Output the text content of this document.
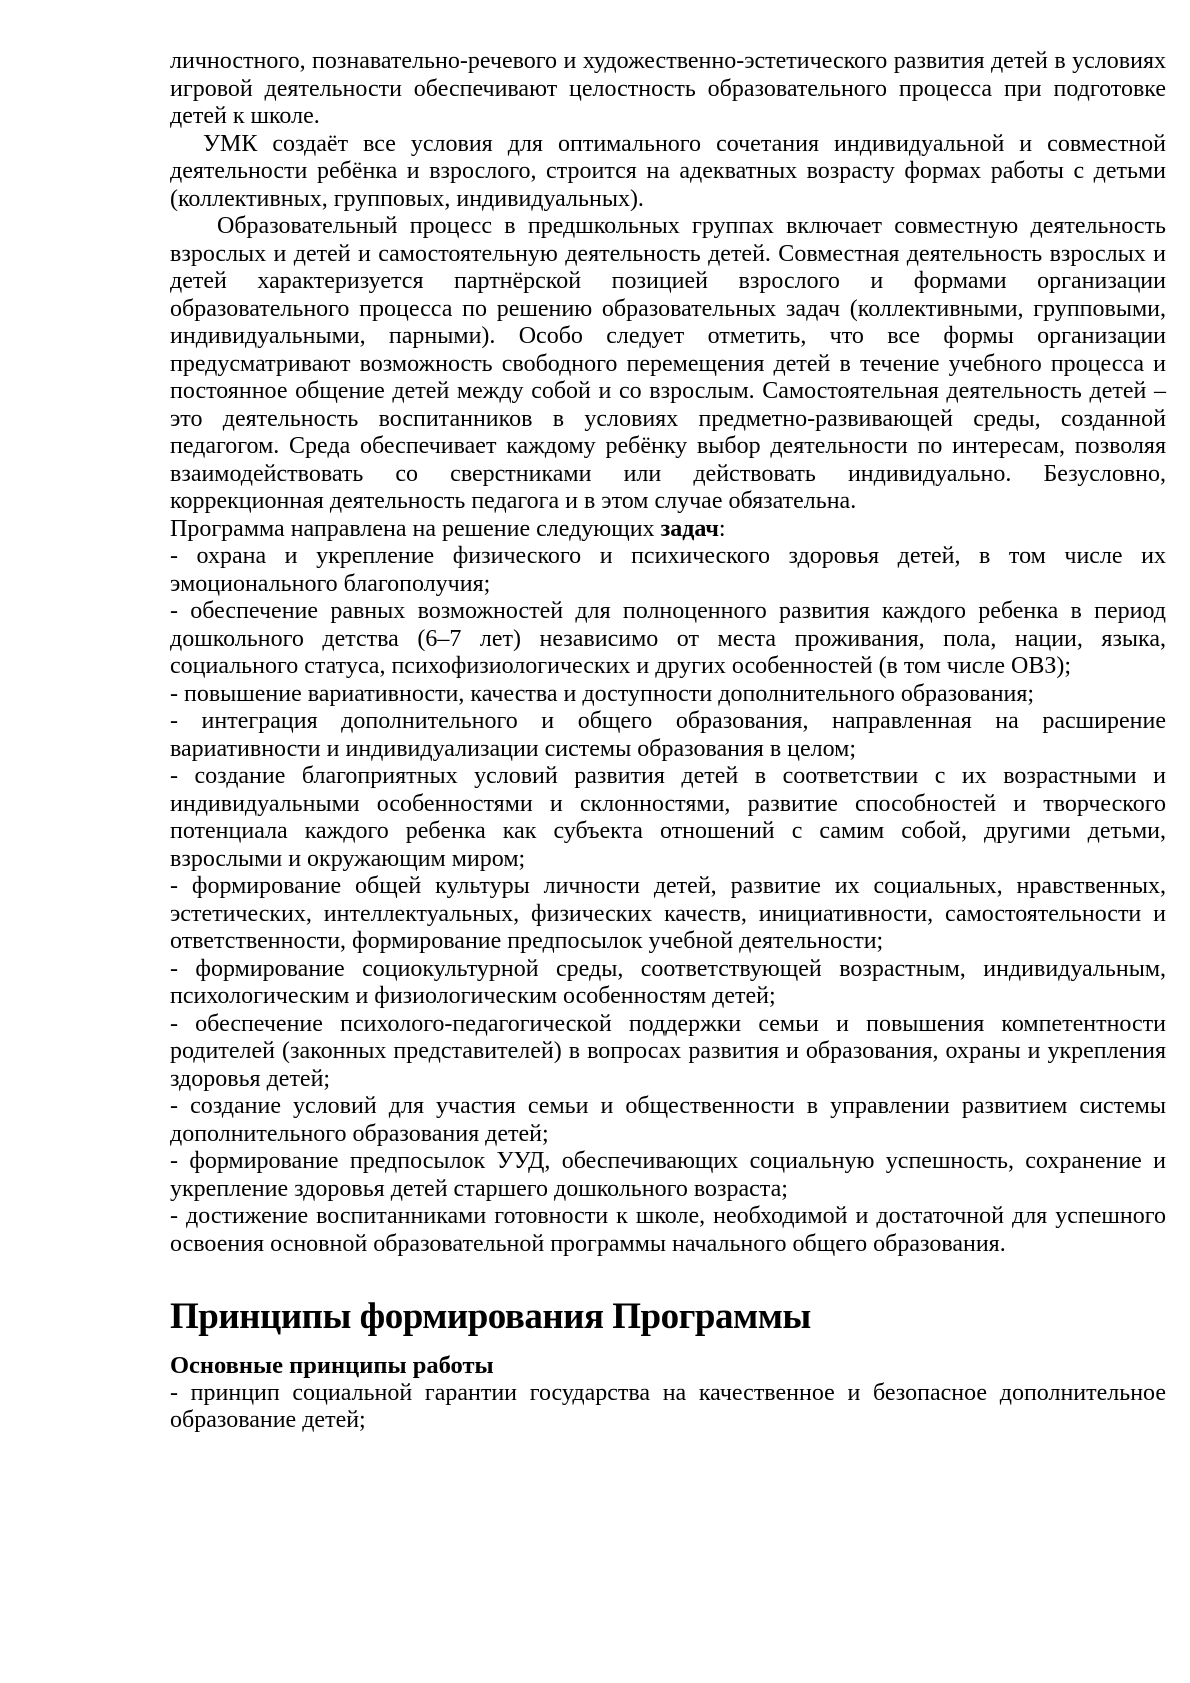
личностного, познавательно-речевого и художественно-эстетического развития детей в условиях игровой деятельности обеспечивают целостность образовательного процесса при подготовке детей к школе.

УМК создаёт все условия для оптимального сочетания индивидуальной и совместной деятельности ребёнка и взрослого, строится на адекватных возрасту формах работы с детьми (коллективных, групповых, индивидуальных).

Образовательный процесс в предшкольных группах включает совместную деятельность взрослых и детей и самостоятельную деятельность детей. Совместная деятельность взрослых и детей характеризуется партнёрской позицией взрослого и формами организации образовательного процесса по решению образовательных задач (коллективными, групповыми, индивидуальными, парными). Особо следует отметить, что все формы организации предусматривают возможность свободного перемещения детей в течение учебного процесса и постоянное общение детей между собой и со взрослым. Самостоятельная деятельность детей – это деятельность воспитанников в условиях предметно-развивающей среды, созданной педагогом. Среда обеспечивает каждому ребёнку выбор деятельности по интересам, позволяя взаимодействовать со сверстниками или действовать индивидуально. Безусловно, коррекционная деятельность педагога и в этом случае обязательна.

Программа направлена на решение следующих задач:

- охрана и укрепление физического и психического здоровья детей, в том числе их эмоционального благополучия;

- обеспечение равных возможностей для полноценного развития каждого ребенка в период дошкольного детства (6–7 лет) независимо от места проживания, пола, нации, языка, социального статуса, психофизиологических и других особенностей (в том числе ОВЗ);

- повышение вариативности, качества и доступности дополнительного образования;

- интеграция дополнительного и общего образования, направленная на расширение вариативности и индивидуализации системы образования в целом;

- создание благоприятных условий развития детей в соответствии с их возрастными и индивидуальными особенностями и склонностями, развитие способностей и творческого потенциала каждого ребенка как субъекта отношений с самим собой, другими детьми, взрослыми и окружающим миром;

- формирование общей культуры личности детей, развитие их социальных, нравственных, эстетических, интеллектуальных, физических качеств, инициативности, самостоятельности и ответственности, формирование предпосылок учебной деятельности;

- формирование социокультурной среды, соответствующей возрастным, индивидуальным, психологическим и физиологическим особенностям детей;

- обеспечение психолого-педагогической поддержки семьи и повышения компетентности родителей (законных представителей) в вопросах развития и образования, охраны и укрепления здоровья детей;

- создание условий для участия семьи и общественности в управлении развитием системы дополнительного образования детей;

- формирование предпосылок УУД, обеспечивающих социальную успешность, сохранение и укрепление здоровья детей старшего дошкольного возраста;

- достижение воспитанниками готовности к школе, необходимой и достаточной для успешного освоения основной образовательной программы начального общего образования.

Принципы формирования Программы

Основные принципы работы

- принцип социальной гарантии государства на качественное и безопасное дополнительное образование детей;
